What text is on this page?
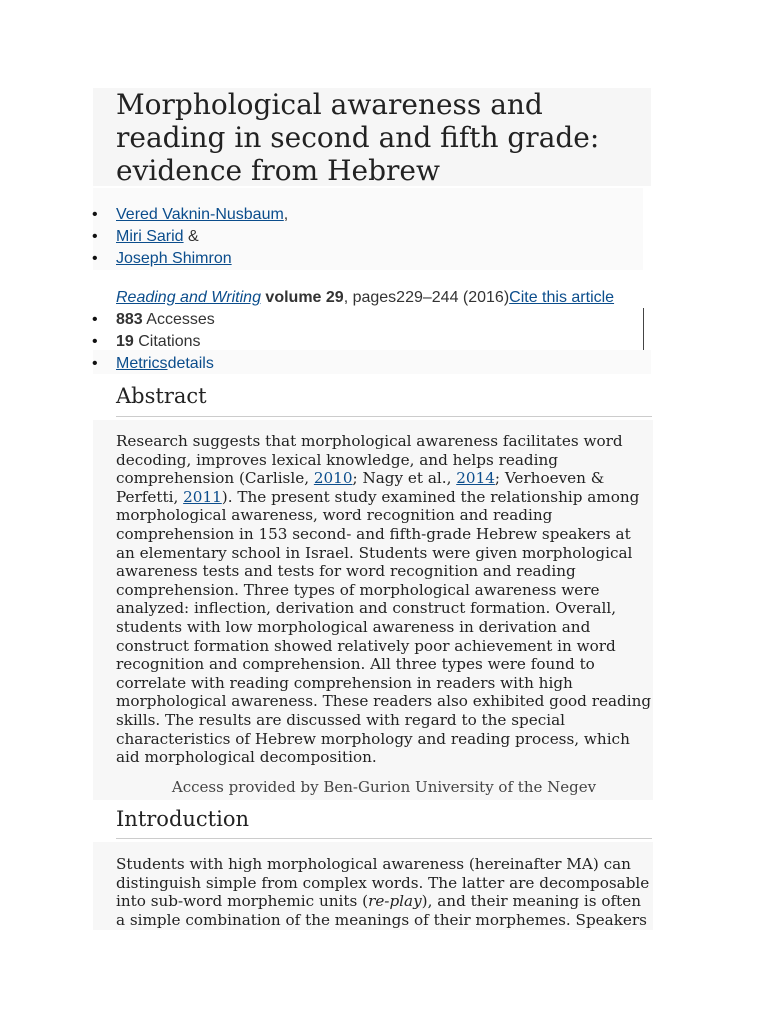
Morphological awareness and reading in second and fifth grade: evidence from Hebrew
• Vered Vaknin-Nusbaum,
• Miri Sarid &
• Joseph Shimron
Reading and Writing volume 29, pages229–244 (2016)Cite this article
• 883 Accesses
• 19 Citations
• Metricsdetails
Abstract

Research suggests that morphological awareness facilitates word decoding, improves lexical knowledge, and helps reading comprehension (Carlisle, 2010; Nagy et al., 2014; Verhoeven & Perfetti, 2011). The present study examined the relationship among morphological awareness, word recognition and reading comprehension in 153 second- and fifth-grade Hebrew speakers at an elementary school in Israel. Students were given morphological awareness tests and tests for word recognition and reading comprehension. Three types of morphological awareness were analyzed: inflection, derivation and construct formation. Overall, students with low morphological awareness in derivation and construct formation showed relatively poor achievement in word recognition and comprehension. All three types were found to correlate with reading comprehension in readers with high morphological awareness. These readers also exhibited good reading skills. The results are discussed with regard to the special characteristics of Hebrew morphology and reading process, which aid morphological decomposition.

Access provided by Ben-Gurion University of the Negev
Introduction

Students with high morphological awareness (hereinafter MA) can distinguish simple from complex words. The latter are decomposable into sub-word morphemic units (re-play), and their meaning is often a simple combination of the meanings of their morphemes. Speakers
